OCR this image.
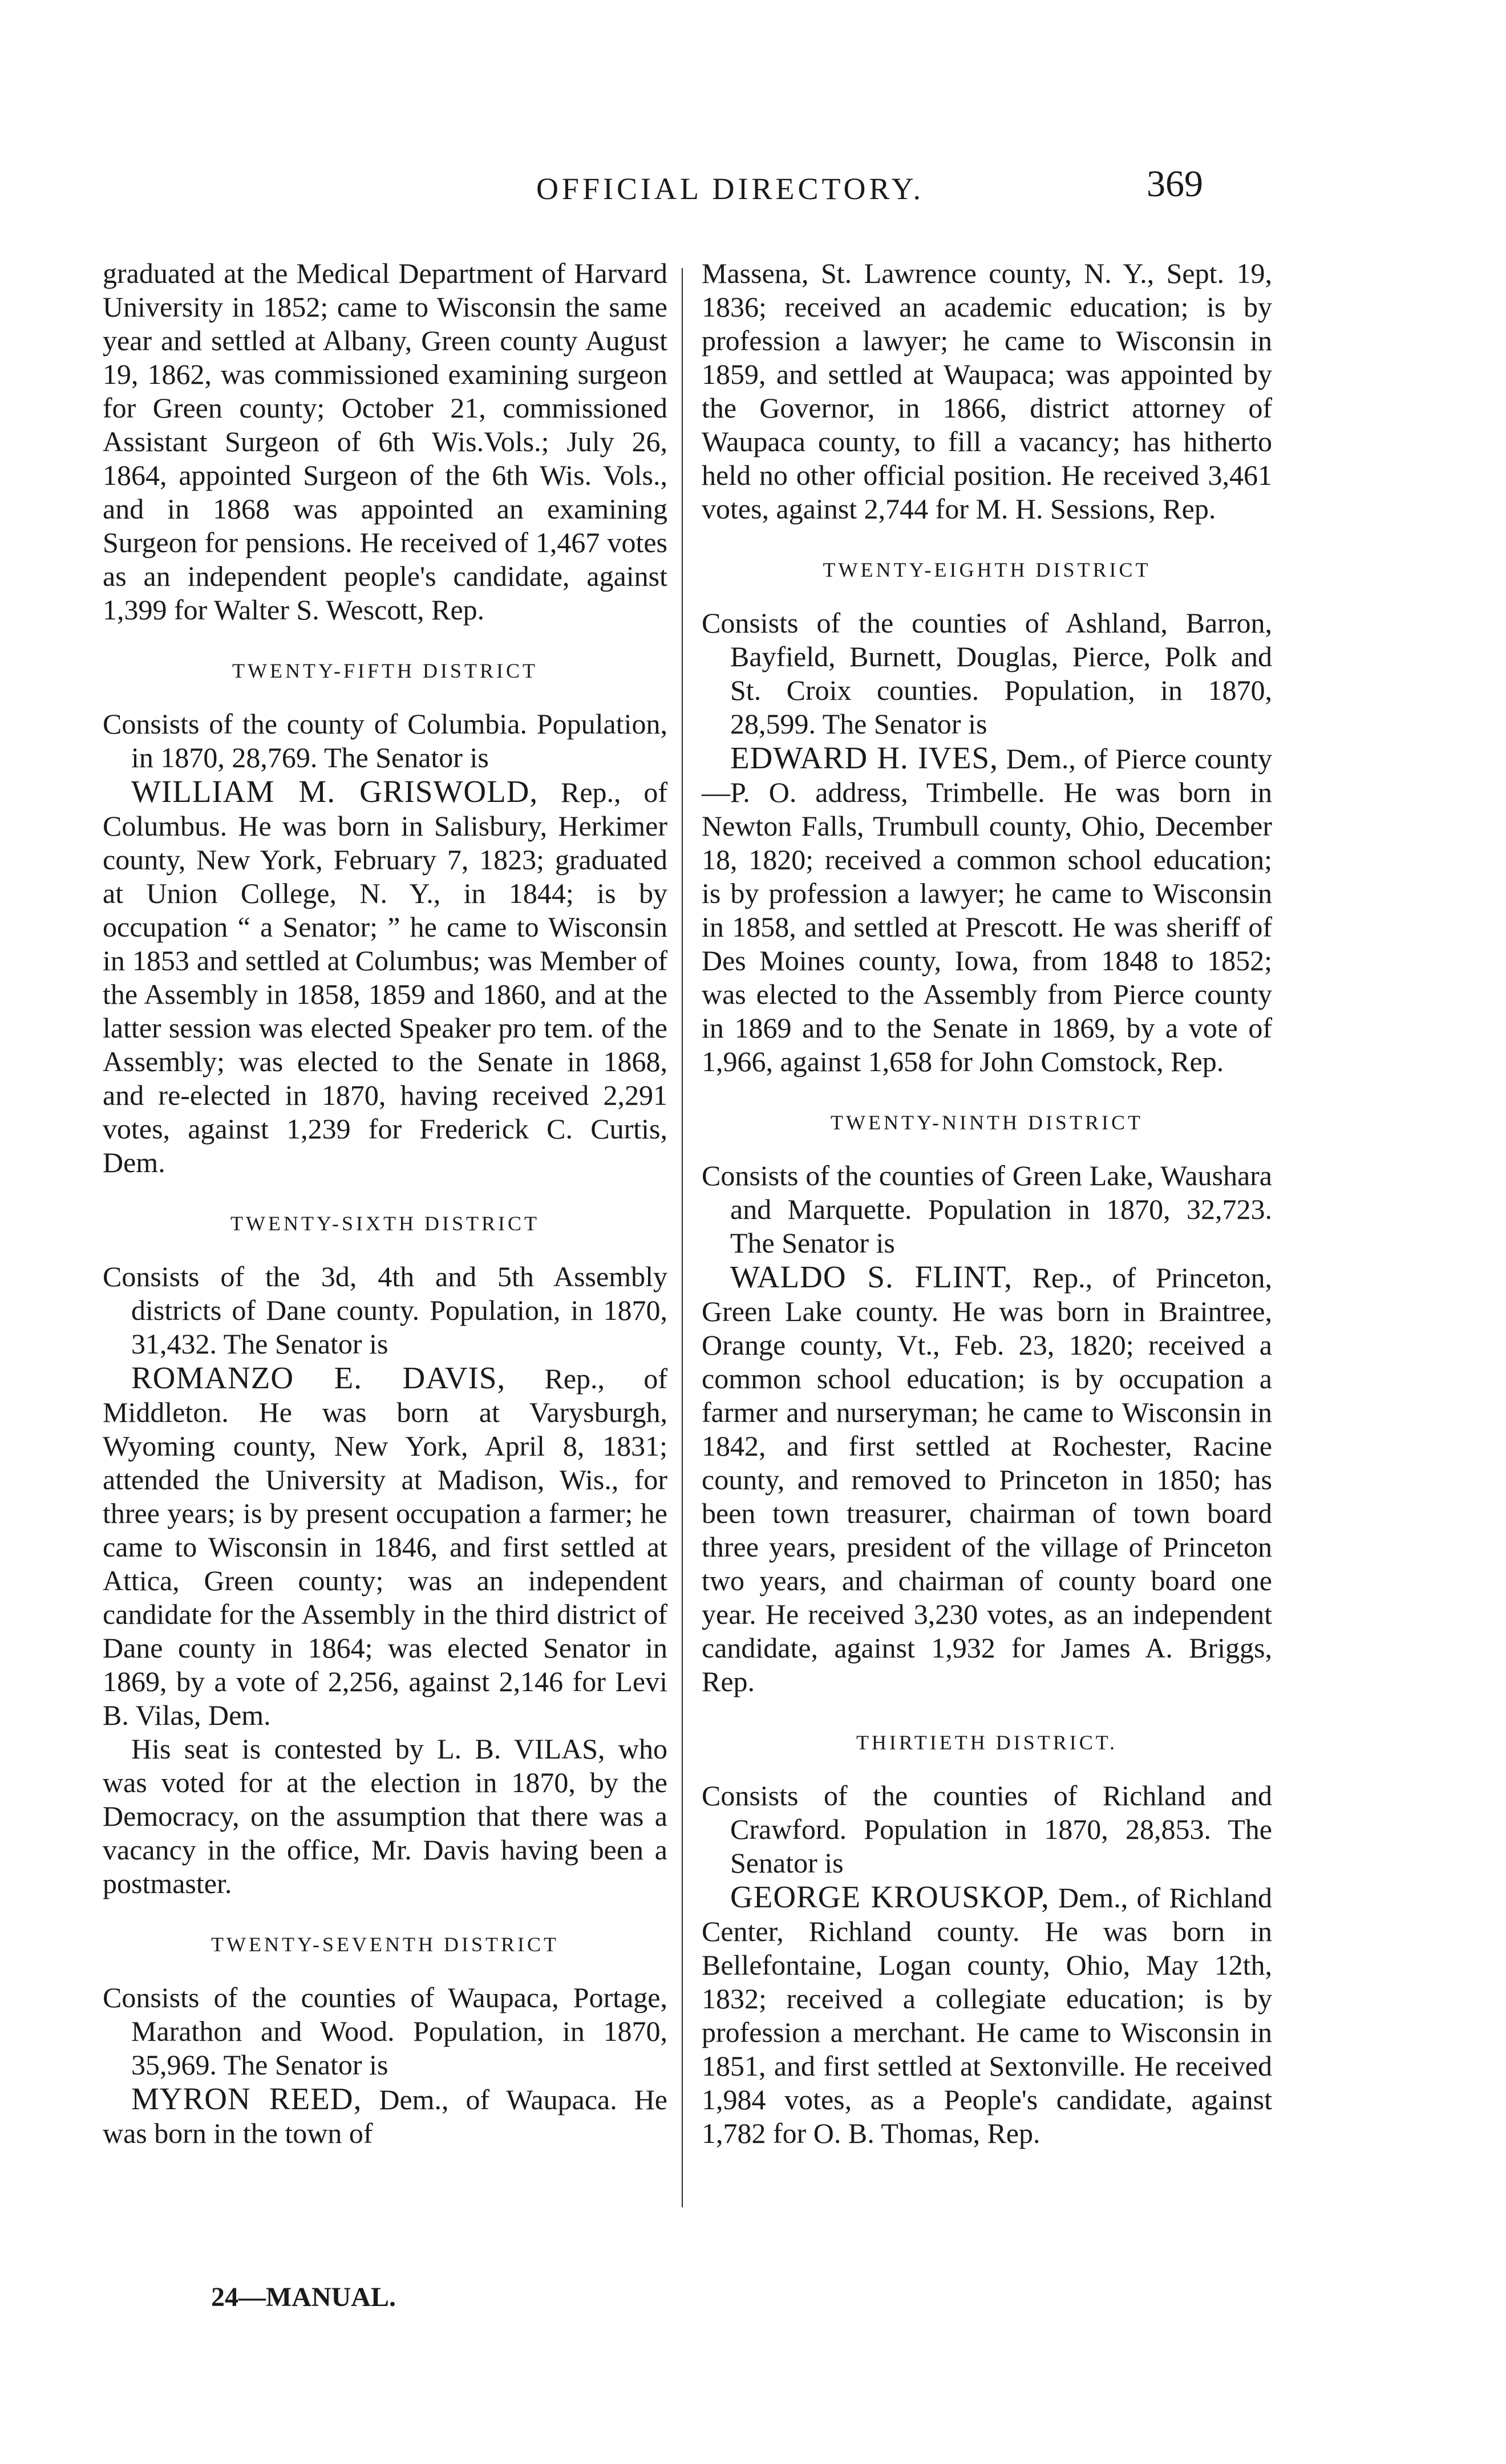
OFFICIAL DIRECTORY.	369

graduated at the Medical Department of Harvard University in 1852; came to Wisconsin the same year and settled at Albany, Green county August 19, 1862, was commissioned examining surgeon for Green county; October 21, commissioned Assistant Surgeon of 6th Wis.Vols.; July 26, 1864, appointed Surgeon of the 6th Wis. Vols., and in 1868 was appointed an examining Surgeon for pensions. He received of 1,467 votes as an independent people's candidate, against 1,399 for Walter S. Wescott, Rep.

TWENTY-FIFTH DISTRICT

Consists of the county of Columbia. Population, in 1870, 28,769. The Senator is

WILLIAM M. GRISWOLD, Rep., of Columbus. He was born in Salisbury, Herkimer county, New York, February 7, 1823; graduated at Union College, N. Y., in 1844; is by occupation “ a Senator; ” he came to Wisconsin in 1853 and settled at Columbus; was Member of the Assembly in 1858, 1859 and 1860, and at the latter session was elected Speaker pro tem. of the Assembly; was elected to the Senate in 1868, and re-elected in 1870, having received 2,291 votes, against 1,239 for Frederick C. Curtis, Dem.

TWENTY-SIXTH DISTRICT

Consists of the 3d, 4th and 5th Assembly districts of Dane county. Population, in 1870, 31,432. The Senator is

ROMANZO E. DAVIS, Rep., of Middleton. He was born at Varysburgh, Wyoming county, New York, April 8, 1831; attended the University at Madison, Wis., for three years; is by present occupation a farmer; he came to Wisconsin in 1846, and first settled at Attica, Green county; was an independent candidate for the Assembly in the third district of Dane county in 1864; was elected Senator in 1869, by a vote of 2,256, against 2,146 for Levi B. Vilas, Dem.

His seat is contested by L. B. VILAS, who was voted for at the election in 1870, by the Democracy, on the assumption that there was a vacancy in the office, Mr. Davis having been a postmaster.

TWENTY-SEVENTH DISTRICT

Consists of the counties of Waupaca, Portage, Marathon and Wood. Population, in 1870, 35,969. The Senator is

MYRON REED, Dem., of Waupaca. He was born in the town of

Massena, St. Lawrence county, N. Y., Sept. 19, 1836; received an academic education; is by profession a lawyer; he came to Wisconsin in 1859, and settled at Waupaca; was appointed by the Governor, in 1866, district attorney of Waupaca county, to fill a vacancy; has hitherto held no other official position. He received 3,461 votes, against 2,744 for M. H. Sessions, Rep.

TWENTY-EIGHTH DISTRICT

Consists of the counties of Ashland, Barron, Bayfield, Burnett, Douglas, Pierce, Polk and St. Croix counties. Population, in 1870, 28,599. The Senator is

EDWARD H. IVES, Dem., of Pierce county—P. O. address, Trimbelle. He was born in Newton Falls, Trumbull county, Ohio, December 18, 1820; received a common school education; is by profession a lawyer; he came to Wisconsin in 1858, and settled at Prescott. He was sheriff of Des Moines county, Iowa, from 1848 to 1852; was elected to the Assembly from Pierce county in 1869 and to the Senate in 1869, by a vote of 1,966, against 1,658 for John Comstock, Rep.

TWENTY-NINTH DISTRICT

Consists of the counties of Green Lake, Waushara and Marquette. Population in 1870, 32,723. The Senator is

WALDO S. FLINT, Rep., of Princeton, Green Lake county. He was born in Braintree, Orange county, Vt., Feb. 23, 1820; received a common school education; is by occupation a farmer and nurseryman; he came to Wisconsin in 1842, and first settled at Rochester, Racine county, and removed to Princeton in 1850; has been town treasurer, chairman of town board three years, president of the village of Princeton two years, and chairman of county board one year. He received 3,230 votes, as an independent candidate, against 1,932 for James A. Briggs, Rep.

THIRTIETH DISTRICT.

Consists of the counties of Richland and Crawford. Population in 1870, 28,853. The Senator is

GEORGE KROUSKOP, Dem., of Richland Center, Richland county. He was born in Bellefontaine, Logan county, Ohio, May 12th, 1832; received a collegiate education; is by profession a merchant. He came to Wisconsin in 1851, and first settled at Sextonville. He received 1,984 votes, as a People's candidate, against 1,782 for O. B. Thomas, Rep.

24—MANUAL.
